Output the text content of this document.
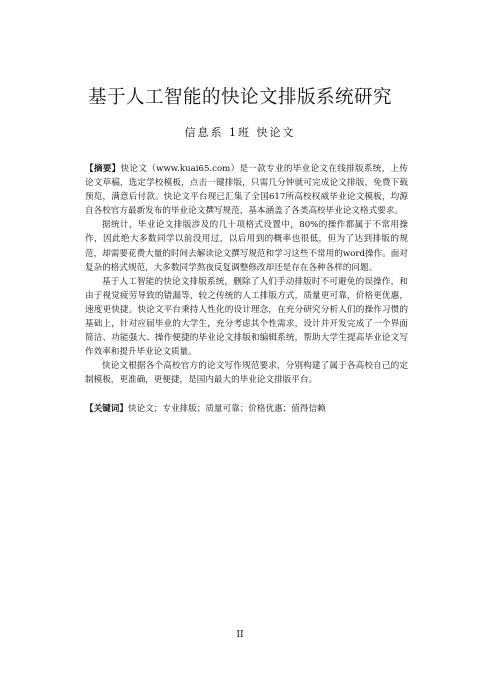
基于人工智能的快论文排版系统研究
信息系 1班 快论文

【摘要】快论文（www.kuai65.com）是一款专业的毕业论文在线排版系统，上传论文草稿，选定学校模板，点击一键排版，只需几分钟就可完成论文排版，免费下载预览，满意后付款。快论文平台现已汇集了全国617所高校权威毕业论文模板，均源自各校官方最新发布的毕业论文撰写规范，基本涵盖了各类高校毕业论文格式要求。

据统计，毕业论文排版涉及的几十项格式设置中，80%的操作都属于不常用操作，因此绝大多数同学以前没用过，以后用到的概率也很低，但为了达到排版的规范，却需要花费大量的时间去解读论文撰写规范和学习这些不常用的word操作。面对复杂的格式规范，大多数同学熬夜反复调整修改却还是存在各种各样的问题。

基于人工智能的快论文排版系统，删除了人们手动排版时不可避免的误操作，和由于视觉疲劳导致的错漏等，较之传统的人工排版方式，质量更可靠，价格更优惠，速度更快捷。快论文平台秉持人性化的设计理念，在充分研究分析人们的操作习惯的基础上，针对应届毕业的大学生，充分考虑其个性需求，设计并开发完成了一个界面简洁、功能强大、操作便捷的毕业论文排版和编辑系统，帮助大学生提高毕业论文写作效率和提升毕业论文质量。

快论文根据各个高校官方的论文写作规范要求，分别构建了属于各高校自己的定制模板，更准确，更便捷，是国内最大的毕业论文排版平台。

【关键词】快论文；专业排版；质量可靠；价格优惠；值得信赖

II
